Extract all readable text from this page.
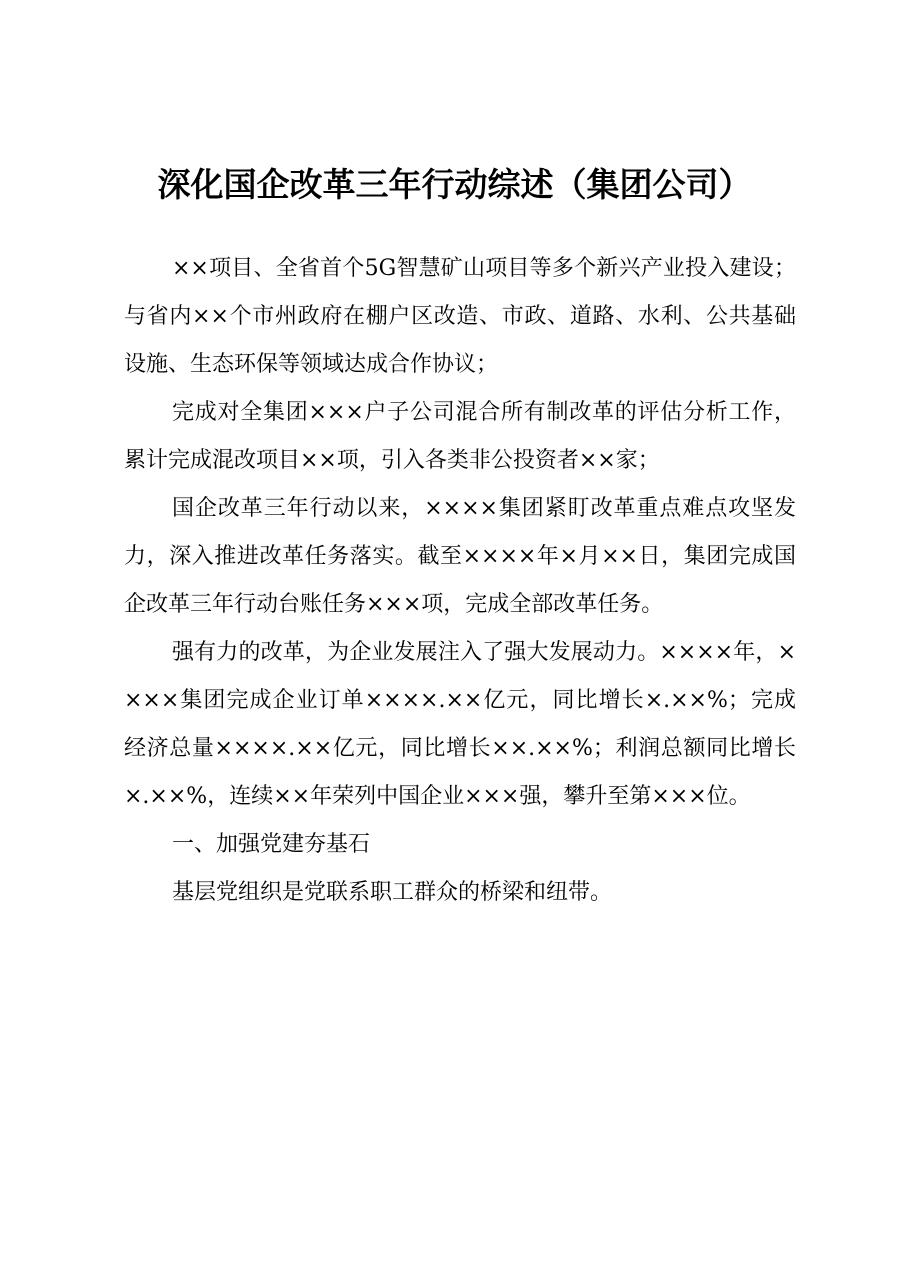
深化国企改革三年行动综述（集团公司）

××项目、全省首个5G智慧矿山项目等多个新兴产业投入建设；与省内××个市州政府在棚户区改造、市政、道路、水利、公共基础设施、生态环保等领域达成合作协议；

完成对全集团×××户子公司混合所有制改革的评估分析工作，累计完成混改项目××项，引入各类非公投资者××家；

国企改革三年行动以来，××××集团紧盯改革重点难点攻坚发力，深入推进改革任务落实。截至××××年×月××日，集团完成国企改革三年行动台账任务×××项，完成全部改革任务。

强有力的改革，为企业发展注入了强大发展动力。××××年，××××集团完成企业订单××××.××亿元，同比增长×.××%；完成经济总量××××.××亿元，同比增长××.××%；利润总额同比增长×.××%，连续××年荣列中国企业×××强，攀升至第×××位。

一、加强党建夯基石

基层党组织是党联系职工群众的桥梁和纽带。
